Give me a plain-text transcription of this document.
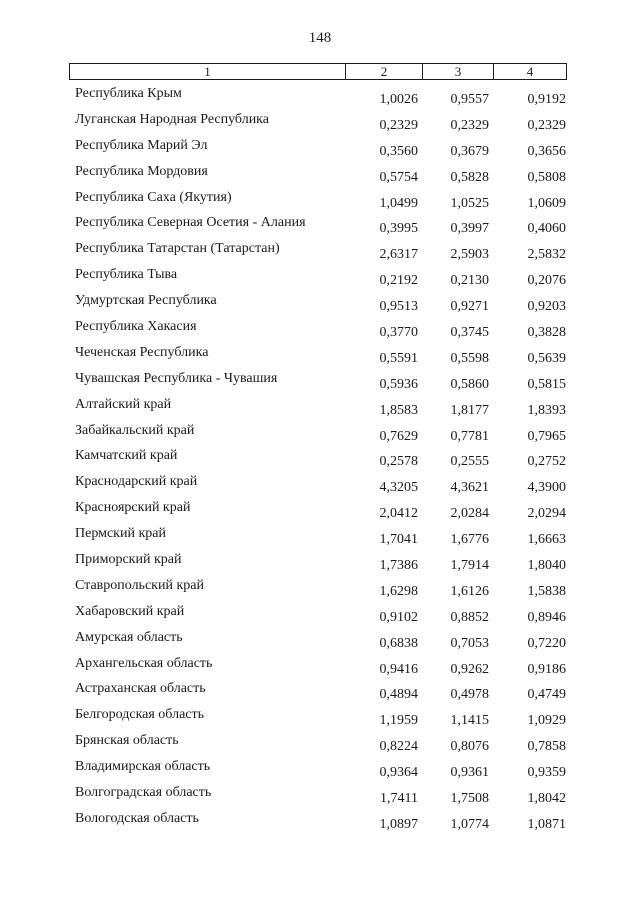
148
1	2	3	4
Республика Крым	1,0026	0,9557	0,9192
Луганская Народная Республика	0,2329	0,2329	0,2329
Республика Марий Эл	0,3560	0,3679	0,3656
Республика Мордовия	0,5754	0,5828	0,5808
Республика Саха (Якутия)	1,0499	1,0525	1,0609
Республика Северная Осетия - Алания	0,3995	0,3997	0,4060
Республика Татарстан (Татарстан)	2,6317	2,5903	2,5832
Республика Тыва	0,2192	0,2130	0,2076
Удмуртская Республика	0,9513	0,9271	0,9203
Республика Хакасия	0,3770	0,3745	0,3828
Чеченская Республика	0,5591	0,5598	0,5639
Чувашская Республика - Чувашия	0,5936	0,5860	0,5815
Алтайский край	1,8583	1,8177	1,8393
Забайкальский край	0,7629	0,7781	0,7965
Камчатский край	0,2578	0,2555	0,2752
Краснодарский край	4,3205	4,3621	4,3900
Красноярский край	2,0412	2,0284	2,0294
Пермский край	1,7041	1,6776	1,6663
Приморский край	1,7386	1,7914	1,8040
Ставропольский край	1,6298	1,6126	1,5838
Хабаровский край	0,9102	0,8852	0,8946
Амурская область	0,6838	0,7053	0,7220
Архангельская область	0,9416	0,9262	0,9186
Астраханская область	0,4894	0,4978	0,4749
Белгородская область	1,1959	1,1415	1,0929
Брянская область	0,8224	0,8076	0,7858
Владимирская область	0,9364	0,9361	0,9359
Волгоградская область	1,7411	1,7508	1,8042
Вологодская область	1,0897	1,0774	1,0871
